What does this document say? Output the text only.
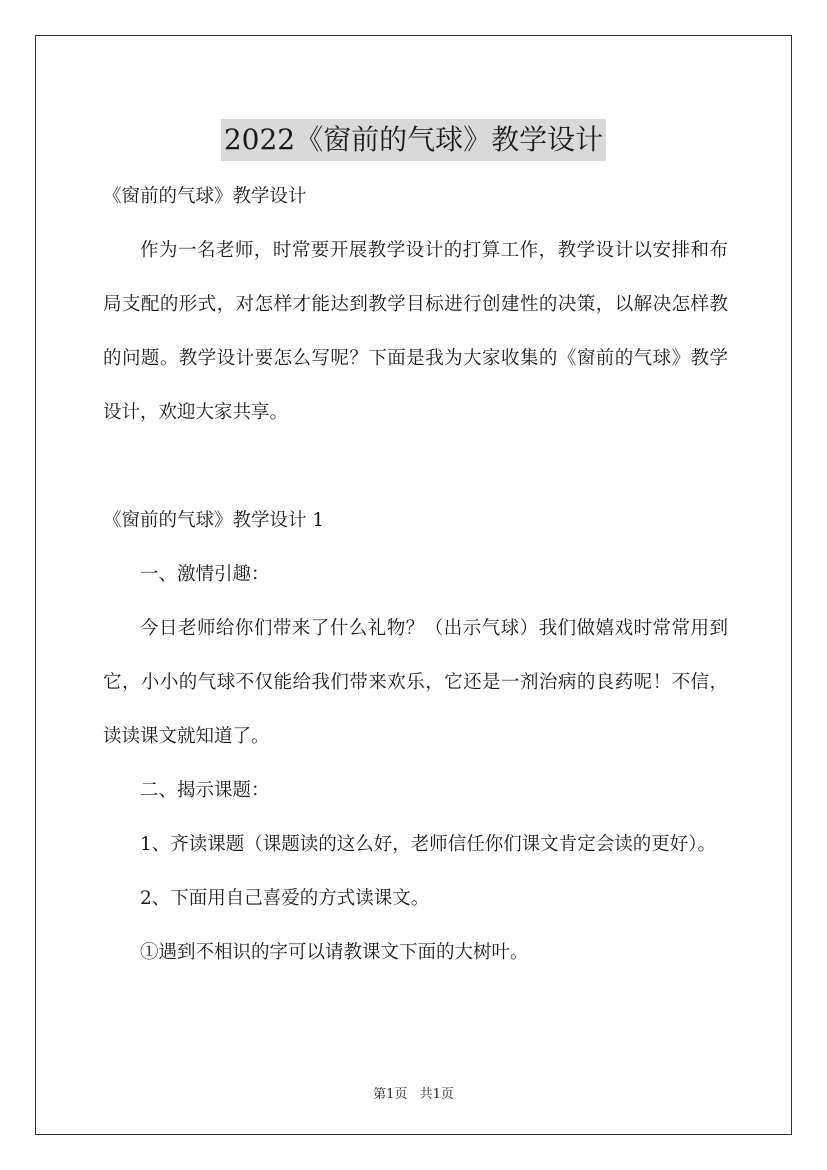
2022《窗前的气球》教学设计

《窗前的气球》教学设计

作为一名老师，时常要开展教学设计的打算工作，教学设计以安排和布局支配的形式，对怎样才能达到教学目标进行创建性的决策，以解决怎样教的问题。教学设计要怎么写呢？下面是我为大家收集的《窗前的气球》教学设计，欢迎大家共享。

《窗前的气球》教学设计 1

一、激情引趣：

今日老师给你们带来了什么礼物？（出示气球）我们做嬉戏时常常用到它，小小的气球不仅能给我们带来欢乐，它还是一剂治病的良药呢！不信，读读课文就知道了。

二、揭示课题：

1、齐读课题（课题读的这么好，老师信任你们课文肯定会读的更好）。

2、下面用自己喜爱的方式读课文。

①遇到不相识的字可以请教课文下面的大树叶。

第1页 共1页
